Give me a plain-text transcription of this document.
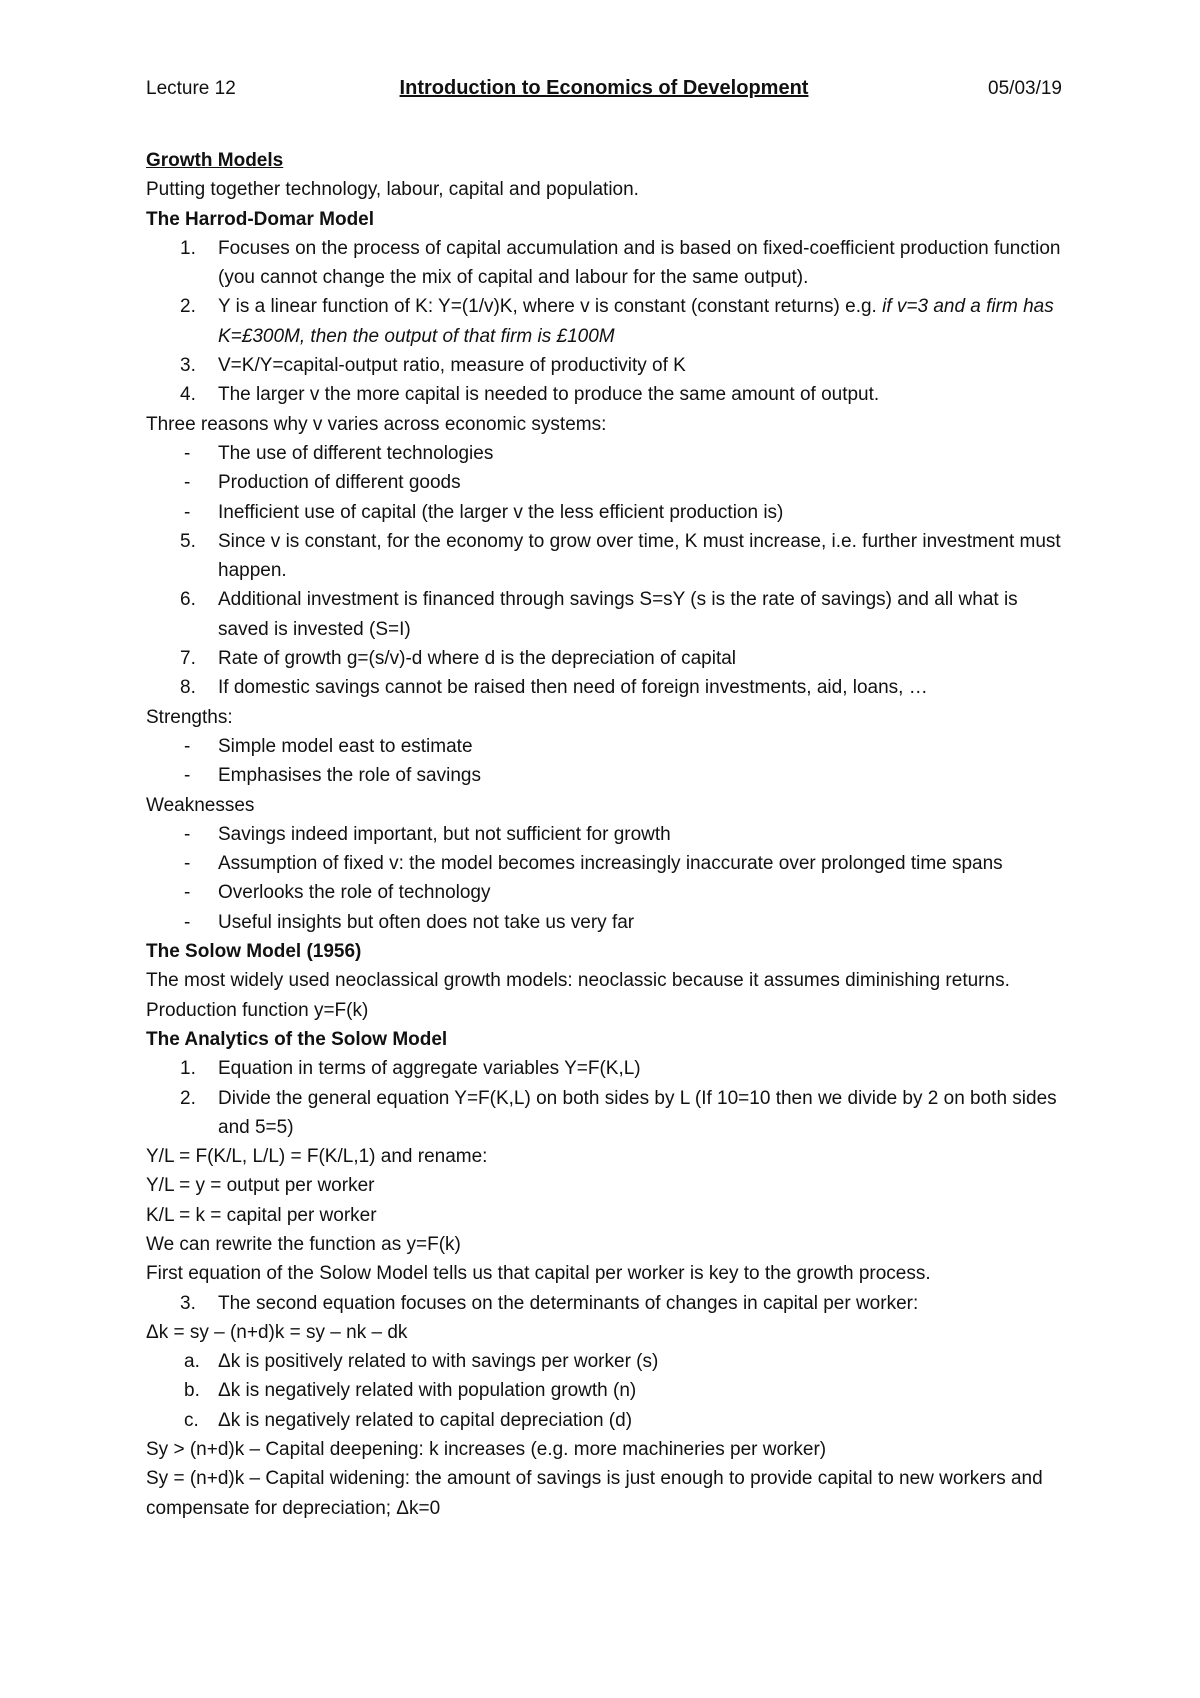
Lecture 12	Introduction to Economics of Development	05/03/19
Growth Models
Putting together technology, labour, capital and population.
The Harrod-Domar Model
1. Focuses on the process of capital accumulation and is based on fixed-coefficient production function (you cannot change the mix of capital and labour for the same output).
2. Y is a linear function of K: Y=(1/v)K, where v is constant (constant returns) e.g. if v=3 and a firm has K=£300M, then the output of that firm is £100M
3. V=K/Y=capital-output ratio, measure of productivity of K
4. The larger v the more capital is needed to produce the same amount of output.
Three reasons why v varies across economic systems:
- The use of different technologies
- Production of different goods
- Inefficient use of capital (the larger v the less efficient production is)
5. Since v is constant, for the economy to grow over time, K must increase, i.e. further investment must happen.
6. Additional investment is financed through savings S=sY (s is the rate of savings) and all what is saved is invested (S=I)
7. Rate of growth g=(s/v)-d where d is the depreciation of capital
8. If domestic savings cannot be raised then need of foreign investments, aid, loans, …
Strengths:
- Simple model east to estimate
- Emphasises the role of savings
Weaknesses
- Savings indeed important, but not sufficient for growth
- Assumption of fixed v: the model becomes increasingly inaccurate over prolonged time spans
- Overlooks the role of technology
- Useful insights but often does not take us very far
The Solow Model (1956)
The most widely used neoclassical growth models: neoclassic because it assumes diminishing returns. Production function y=F(k)
The Analytics of the Solow Model
1. Equation in terms of aggregate variables Y=F(K,L)
2. Divide the general equation Y=F(K,L) on both sides by L (If 10=10 then we divide by 2 on both sides and 5=5)
Y/L = F(K/L, L/L) = F(K/L,1) and rename:
Y/L = y = output per worker
K/L = k = capital per worker
We can rewrite the function as y=F(k)
First equation of the Solow Model tells us that capital per worker is key to the growth process.
3. The second equation focuses on the determinants of changes in capital per worker:
Δk = sy – (n+d)k = sy – nk – dk
a. Δk is positively related to with savings per worker (s)
b. Δk is negatively related with population growth (n)
c. Δk is negatively related to capital depreciation (d)
Sy > (n+d)k – Capital deepening: k increases (e.g. more machineries per worker)
Sy = (n+d)k – Capital widening: the amount of savings is just enough to provide capital to new workers and compensate for depreciation; Δk=0
